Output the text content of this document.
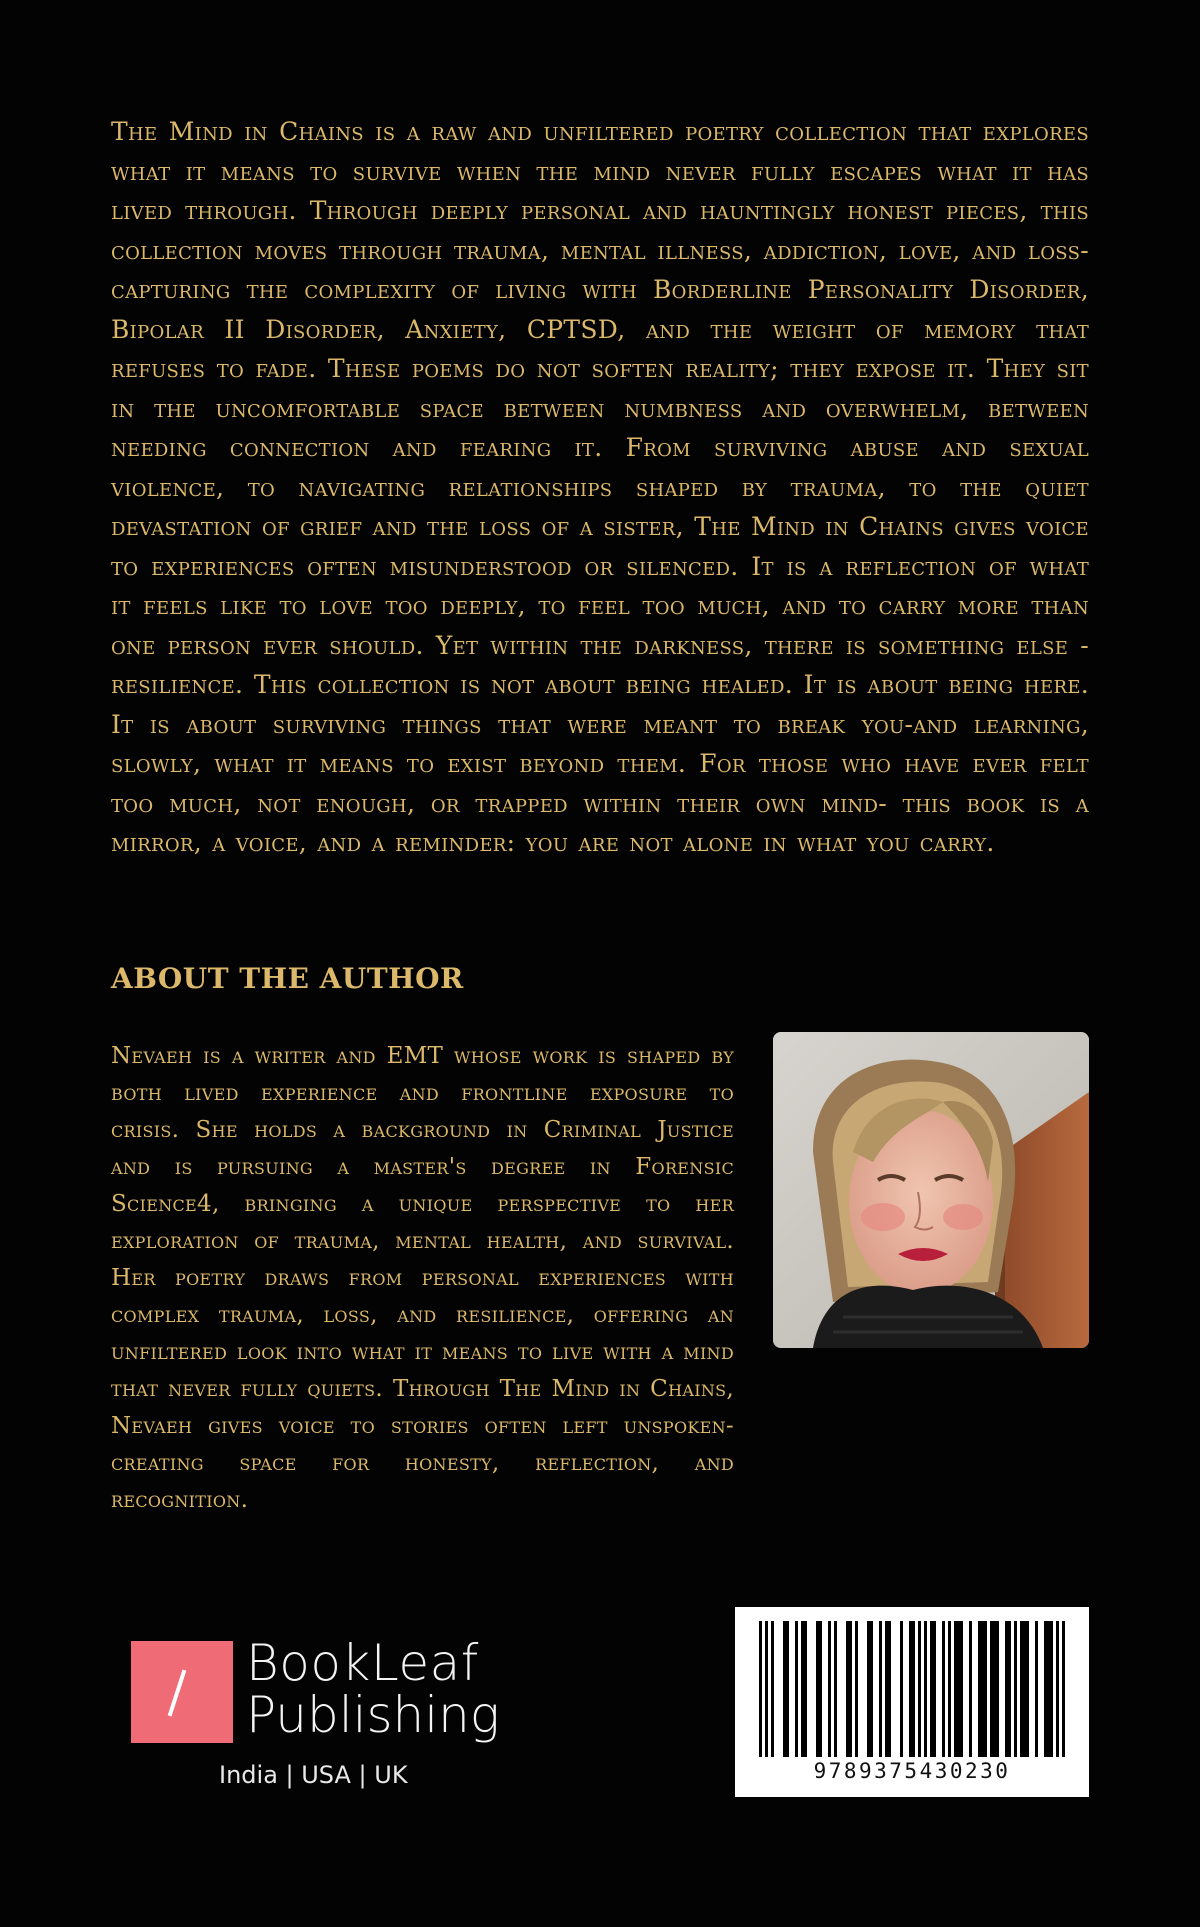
The Mind in Chains is a raw and unfiltered poetry collection that explores what it means to survive when the mind never fully escapes what it has lived through. Through deeply personal and hauntingly honest pieces, this collection moves through trauma, mental illness, addiction, love, and loss- capturing the complexity of living with Borderline Personality Disorder, Bipolar II Disorder, Anxiety, CPTSD, and the weight of memory that refuses to fade. These poems do not soften reality; they expose it. They sit in the uncomfortable space between numbness and overwhelm, between needing connection and fearing it. From surviving abuse and sexual violence, to navigating relationships shaped by trauma, to the quiet devastation of grief and the loss of a sister, The Mind in Chains gives voice to experiences often misunderstood or silenced. It is a reflection of what it feels like to love too deeply, to feel too much, and to carry more than one person ever should. Yet within the darkness, there is something else -resilience. This collection is not about being healed. It is about being here. It is about surviving things that were meant to break you-and learning, slowly, what it means to exist beyond them. For those who have ever felt too much, not enough, or trapped within their own mind- this book is a mirror, a voice, and a reminder: you are not alone in what you carry.

ABOUT THE AUTHOR

Nevaeh is a writer and EMT whose work is shaped by both lived experience and frontline exposure to crisis. She holds a background in Criminal Justice and is pursuing a master's degree in Forensic Science4, bringing a unique perspective to her exploration of trauma, mental health, and survival. Her poetry draws from personal experiences with complex trauma, loss, and resilience, offering an unfiltered look into what it means to live with a mind that never fully quiets. Through The Mind in Chains, Nevaeh gives voice to stories often left unspoken- creating space for honesty, reflection, and recognition.

BookLeaf
Publishing
India | USA | UK	9789375430230
